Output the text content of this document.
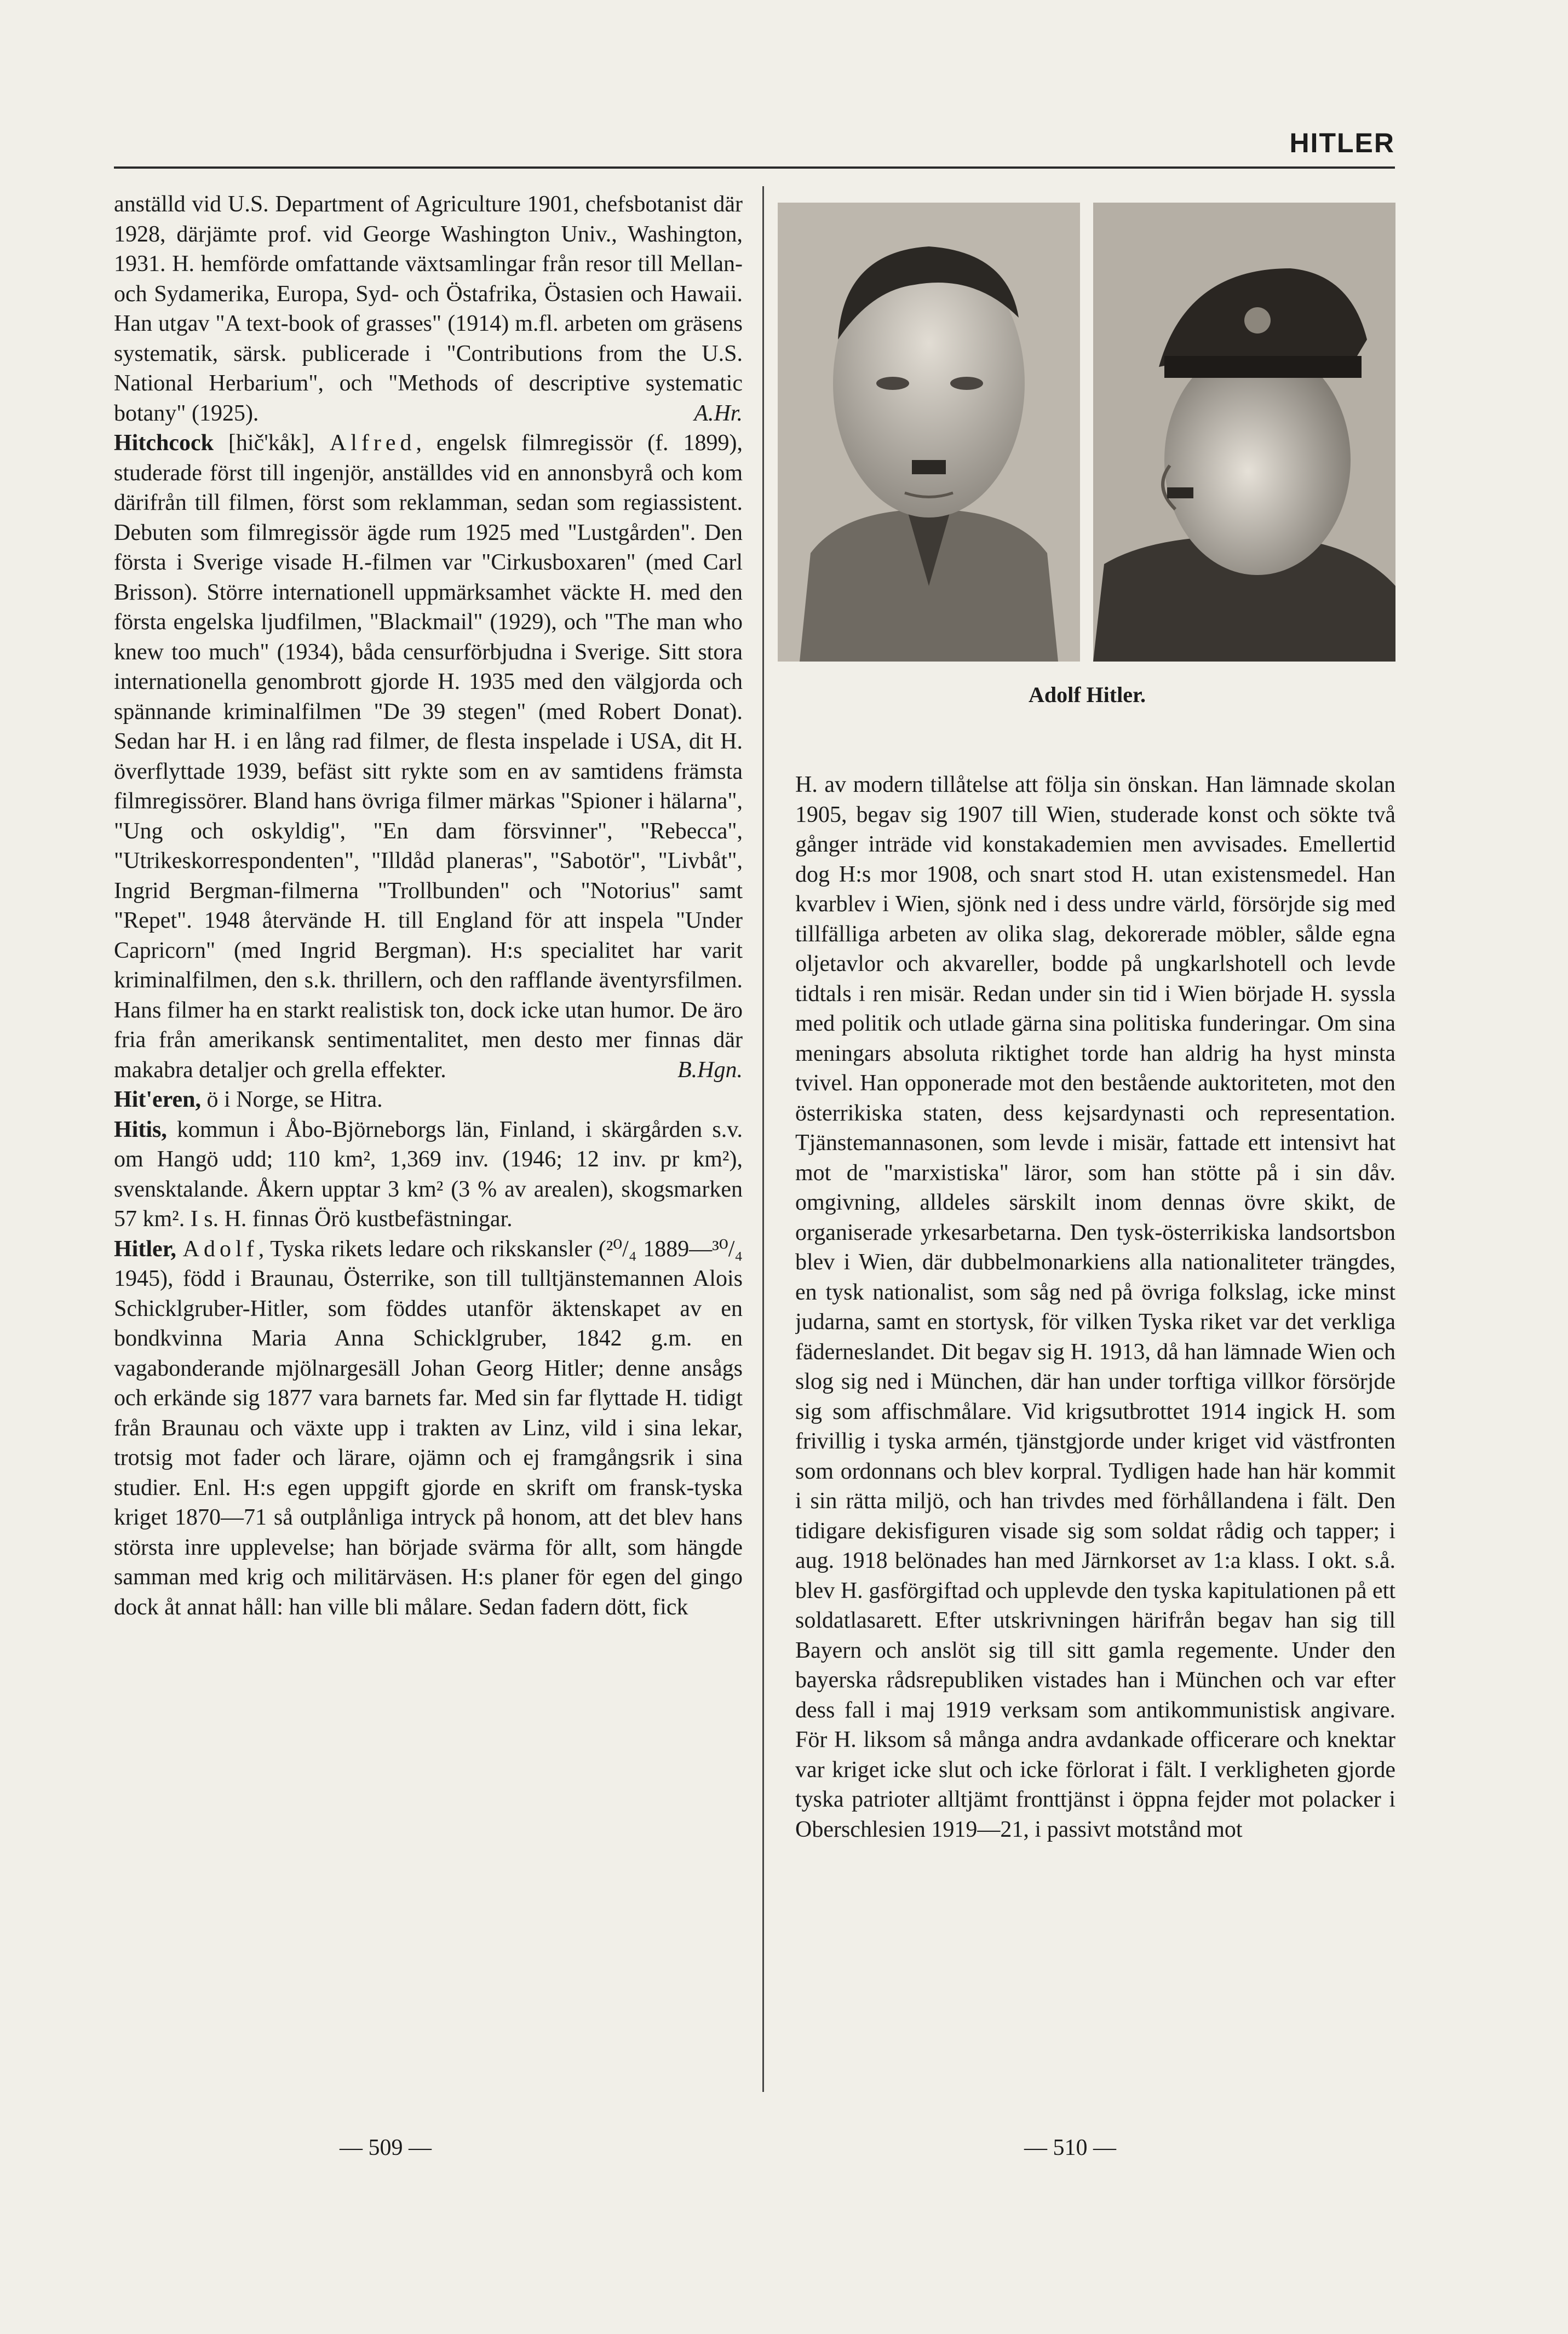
HITLER

anställd vid U.S. Department of Agriculture 1901, chefsbotanist där 1928, därjämte prof. vid George Washington Univ., Washington, 1931. H. hemförde omfattande växtsamlingar från resor till Mellan- och Sydamerika, Europa, Syd- och Östafrika, Östasien och Hawaii. Han utgav "A text-book of grasses" (1914) m.fl. arbeten om gräsens systematik, särsk. publicerade i "Contributions from the U.S. National Herbarium", och "Methods of descriptive systematic botany" (1925).	A.Hr.

Hitchcock [hič'kåk], Alfred, engelsk filmregissör (f. 1899), studerade först till ingenjör, anställdes vid en annonsbyrå och kom därifrån till filmen, först som reklamman, sedan som regiassistent. Debuten som filmregissör ägde rum 1925 med "Lustgården". Den första i Sverige visade H.-filmen var "Cirkusboxaren" (med Carl Brisson). Större internationell uppmärksamhet väckte H. med den första engelska ljudfilmen, "Blackmail" (1929), och "The man who knew too much" (1934), båda censurförbjudna i Sverige. Sitt stora internationella genombrott gjorde H. 1935 med den välgjorda och spännande kriminalfilmen "De 39 stegen" (med Robert Donat). Sedan har H. i en lång rad filmer, de flesta inspelade i USA, dit H. överflyttade 1939, befäst sitt rykte som en av samtidens främsta filmregissörer. Bland hans övriga filmer märkas "Spioner i hälarna", "Ung och oskyldig", "En dam försvinner", "Rebecca", "Utrikeskorrespondenten", "Illdåd planeras", "Sabotör", "Livbåt", Ingrid Bergman-filmerna "Trollbunden" och "Notorius" samt "Repet". 1948 återvände H. till England för att inspela "Under Capricorn" (med Ingrid Bergman). H:s specialitet har varit kriminalfilmen, den s.k. thrillern, och den rafflande äventyrsfilmen. Hans filmer ha en starkt realistisk ton, dock icke utan humor. De äro fria från amerikansk sentimentalitet, men desto mer finnas där makabra detaljer och grella effekter.	B.Hgn.

Hit'eren, ö i Norge, se Hitra.

Hitis, kommun i Åbo-Björneborgs län, Finland, i skärgården s.v. om Hangö udd; 110 km², 1,369 inv. (1946; 12 inv. pr km²), svensktalande. Åkern upptar 3 km² (3 % av arealen), skogsmarken 57 km². I s. H. finnas Örö kustbefästningar.

Hitler, Adolf, Tyska rikets ledare och rikskansler (²⁰/₄ 1889—³⁰/₄ 1945), född i Braunau, Österrike, son till tulltjänstemannen Alois Schicklgruber-Hitler, som föddes utanför äktenskapet av en bondkvinna Maria Anna Schicklgruber, 1842 g.m. en vagabonderande mjölnargesäll Johan Georg Hitler; denne ansågs och erkände sig 1877 vara barnets far. Med sin far flyttade H. tidigt från Braunau och växte upp i trakten av Linz, vild i sina lekar, trotsig mot fader och lärare, ojämn och ej framgångsrik i sina studier. Enl. H:s egen uppgift gjorde en skrift om fransk-tyska kriget 1870—71 så outplånliga intryck på honom, att det blev hans största inre upplevelse; han började svärma för allt, som hängde samman med krig och militärväsen. H:s planer för egen del gingo dock åt annat håll: han ville bli målare. Sedan fadern dött, fick

Adolf Hitler.

H. av modern tillåtelse att följa sin önskan. Han lämnade skolan 1905, begav sig 1907 till Wien, studerade konst och sökte två gånger inträde vid konstakademien men avvisades. Emellertid dog H:s mor 1908, och snart stod H. utan existensmedel. Han kvarblev i Wien, sjönk ned i dess undre värld, försörjde sig med tillfälliga arbeten av olika slag, dekorerade möbler, sålde egna oljetavlor och akvareller, bodde på ungkarlshotell och levde tidtals i ren misär. Redan under sin tid i Wien började H. syssla med politik och utlade gärna sina politiska funderingar. Om sina meningars absoluta riktighet torde han aldrig ha hyst minsta tvivel. Han opponerade mot den bestående auktoriteten, mot den österrikiska staten, dess kejsardynasti och representation. Tjänstemannasonen, som levde i misär, fattade ett intensivt hat mot de "marxistiska" läror, som han stötte på i sin dåv. omgivning, alldeles särskilt inom dennas övre skikt, de organiserade yrkesarbetarna. Den tysk-österrikiska landsortsbon blev i Wien, där dubbelmonarkiens alla nationaliteter trängdes, en tysk nationalist, som såg ned på övriga folkslag, icke minst judarna, samt en stortysk, för vilken Tyska riket var det verkliga fäderneslandet. Dit begav sig H. 1913, då han lämnade Wien och slog sig ned i München, där han under torftiga villkor försörjde sig som affischmålare. Vid krigsutbrottet 1914 ingick H. som frivillig i tyska armén, tjänstgjorde under kriget vid västfronten som ordonnans och blev korpral. Tydligen hade han här kommit i sin rätta miljö, och han trivdes med förhållandena i fält. Den tidigare dekisfiguren visade sig som soldat rådig och tapper; i aug. 1918 belönades han med Järnkorset av 1:a klass. I okt. s.å. blev H. gasförgiftad och upplevde den tyska kapitulationen på ett soldatlasarett. Efter utskrivningen härifrån begav han sig till Bayern och anslöt sig till sitt gamla regemente. Under den bayerska rådsrepubliken vistades han i München och var efter dess fall i maj 1919 verksam som antikommunistisk angivare. För H. liksom så många andra avdankade officerare och knektar var kriget icke slut och icke förlorat i fält. I verkligheten gjorde tyska patrioter alltjämt fronttjänst i öppna fejder mot polacker i Oberschlesien 1919—21, i passivt motstånd mot

— 509 —	— 510 —
